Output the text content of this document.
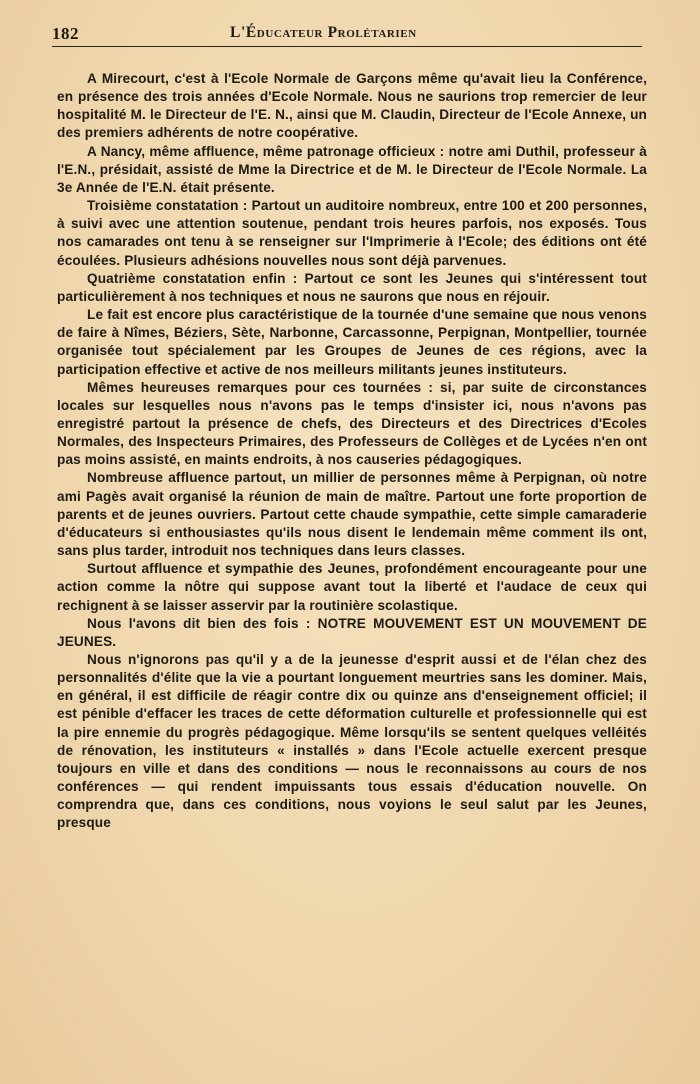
182	L'Éducateur Prolétarien

A Mirecourt, c'est à l'Ecole Normale de Garçons même qu'avait lieu la Conférence, en présence des trois années d'Ecole Normale. Nous ne saurions trop remercier de leur hospitalité M. le Directeur de l'E. N., ainsi que M. Claudin, Directeur de l'Ecole Annexe, un des premiers adhérents de notre coopérative.

A Nancy, même affluence, même patronage officieux : notre ami Duthil, professeur à l'E.N., présidait, assisté de Mme la Directrice et de M. le Directeur de l'Ecole Normale. La 3e Année de l'E.N. était présente.

Troisième constatation : Partout un auditoire nombreux, entre 100 et 200 personnes, à suivi avec une attention soutenue, pendant trois heures parfois, nos exposés. Tous nos camarades ont tenu à se renseigner sur l'Imprimerie à l'Ecole; des éditions ont été écoulées. Plusieurs adhésions nouvelles nous sont déjà parvenues.

Quatrième constatation enfin : Partout ce sont les Jeunes qui s'intéressent tout particulièrement à nos techniques et nous ne saurons que nous en réjouir.

Le fait est encore plus caractéristique de la tournée d'une semaine que nous venons de faire à Nîmes, Béziers, Sète, Narbonne, Carcassonne, Perpignan, Montpellier, tournée organisée tout spécialement par les Groupes de Jeunes de ces régions, avec la participation effective et active de nos meilleurs militants jeunes instituteurs.

Mêmes heureuses remarques pour ces tournées : si, par suite de circonstances locales sur lesquelles nous n'avons pas le temps d'insister ici, nous n'avons pas enregistré partout la présence de chefs, des Directeurs et des Directrices d'Ecoles Normales, des Inspecteurs Primaires, des Professeurs de Collèges et de Lycées n'en ont pas moins assisté, en maints endroits, à nos causeries pédagogiques.

Nombreuse affluence partout, un millier de personnes même à Perpignan, où notre ami Pagès avait organisé la réunion de main de maître. Partout une forte proportion de parents et de jeunes ouvriers. Partout cette chaude sympathie, cette simple camaraderie d'éducateurs si enthousiastes qu'ils nous disent le lendemain même comment ils ont, sans plus tarder, introduit nos techniques dans leurs classes.

Surtout affluence et sympathie des Jeunes, profondément encourageante pour une action comme la nôtre qui suppose avant tout la liberté et l'audace de ceux qui rechignent à se laisser asservir par la routinière scolastique.

Nous l'avons dit bien des fois : NOTRE MOUVEMENT EST UN MOUVEMENT DE JEUNES.

Nous n'ignorons pas qu'il y a de la jeunesse d'esprit aussi et de l'élan chez des personnalités d'élite que la vie a pourtant longuement meurtries sans les dominer. Mais, en général, il est difficile de réagir contre dix ou quinze ans d'enseignement officiel; il est pénible d'effacer les traces de cette déformation culturelle et professionnelle qui est la pire ennemie du progrès pédagogique. Même lorsqu'ils se sentent quelques velléités de rénovation, les instituteurs « installés » dans l'Ecole actuelle exercent presque toujours en ville et dans des conditions — nous le reconnaissons au cours de nos conférences — qui rendent impuissants tous essais d'éducation nouvelle. On comprendra que, dans ces conditions, nous voyions le seul salut par les Jeunes, presque
